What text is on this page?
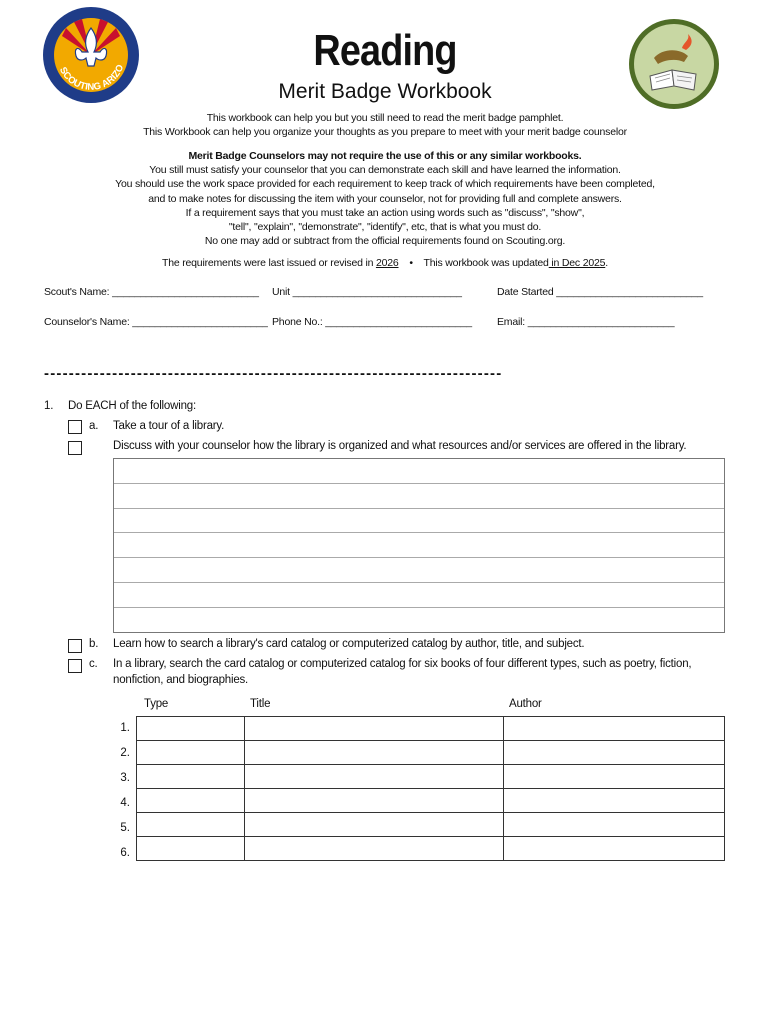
SCOUTING ARIZO	Reading
Merit Badge Workbook
This workbook can help you but you still need to read the merit badge pamphlet.
This Workbook can help you organize your thoughts as you prepare to meet with your merit badge counselor
Merit Badge Counselors may not require the use of this or any similar workbooks.
You still must satisfy your counselor that you can demonstrate each skill and have learned the information.
You should use the work space provided for each requirement to keep track of which requirements have been completed,
and to make notes for discussing the item with your counselor, not for providing full and complete answers.
If a requirement says that you must take an action using words such as "discuss", "show",
"tell", "explain", "demonstrate", "identify", etc, that is what you must do.
No one may add or subtract from the official requirements found on Scouting.org.
The requirements were last issued or revised in 2026 • This workbook was updated in Dec 2025.
Scout's Name: __________________________ Unit ______________________________	Date Started __________________________
Counselor's Name: ________________________ Phone No.: __________________________ Email: __________________________
--------------------------------------------------------------------------
1. Do EACH of the following:
a. Take a tour of a library.
Discuss with your counselor how the library is organized and what resources and/or services are offered in the library.
b. Learn how to search a library's card catalog or computerized catalog by author, title, and subject.
c. In a library, search the card catalog or computerized catalog for six books of four different types, such as poetry, fiction,
nonfiction, and biographies.
Type	Title	Author
1.
2.
3.
4.
5.
6.
